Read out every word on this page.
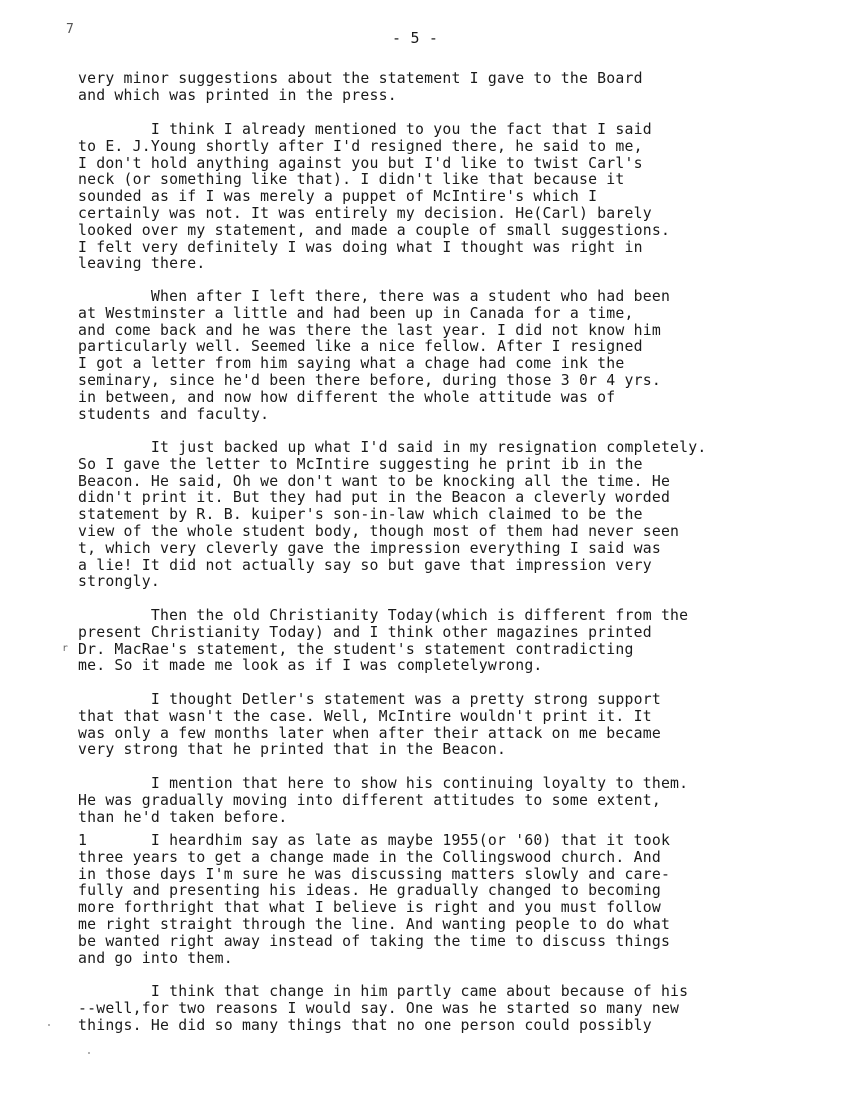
7	- 5 -

very minor suggestions about the statement I gave to the Board
and which was printed in the press.

I think I already mentioned to you the fact that I said
to E. J.Young shortly after I'd resigned there, he said to me,
I don't hold anything against you but I'd like to twist Carl's
neck (or something like that). I didn't like that because it
sounded as if I was merely a puppet of McIntire's which I
certainly was not. It was entirely my decision. He(Carl) barely
looked over my statement, and made a couple of small suggestions.
I felt very definitely I was doing what I thought was right in
leaving there.

When after I left there, there was a student who had been
at Westminster a little and had been up in Canada for a time,
and come back and he was there the last year. I did not know him
particularly well. Seemed like a nice fellow. After I resigned
I got a letter from him saying what a chage had come ink the
seminary, since he'd been there before, during those 3 0r 4 yrs.
in between, and now how different the whole attitude was of
students and faculty.

It just backed up what I'd said in my resignation completely.
So I gave the letter to McIntire suggesting he print ib in the
Beacon. He said, Oh we don't want to be knocking all the time. He
didn't print it. But they had put in the Beacon a cleverly worded
statement by R. B. kuiper's son-in-law which claimed to be the
view of the whole student body, though most of them had never seen
t, which very cleverly gave the impression everything I said was
a lie! It did not actually say so but gave that impression very
strongly.

r

Then the old Christianity Today(which is different from the
present Christianity Today) and I think other magazines printed
Dr. MacRae's statement, the student's statement contradicting
me. So it made me look as if I was completelywrong.

I thought Detler's statement was a pretty strong support
that that wasn't the case. Well, McIntire wouldn't print it. It
was only a few months later when after their attack on me became
very strong that he printed that in the Beacon.

I mention that here to show his continuing loyalty to them.
He was gradually moving into different attitudes to some extent,
than he'd taken before.

1       I heardhim say as late as maybe 1955(or '60) that it took
three years to get a change made in the Collingswood church. And
in those days I'm sure he was discussing matters slowly and care-
fully and presenting his ideas. He gradually changed to becoming
more forthright that what I believe is right and you must follow
me right straight through the line. And wanting people to do what
be wanted right away instead of taking the time to discuss things
and go into them.

I think that change in him partly came about because of his
--well,for two reasons I would say. One was he started so many new
things. He did so many things that no one person could possibly
